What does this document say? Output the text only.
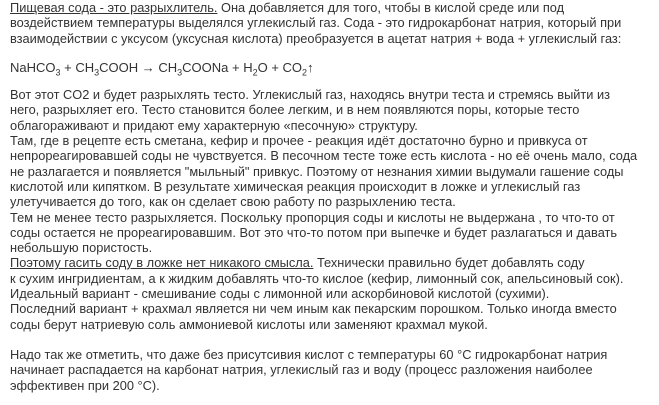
Пищевая сода - это разрыхлитель. Она добавляется для того, чтобы в кислой среде или под

воздействием температуры выделялся углекислый газ. Сода - это гидрокарбонат натрия, который при

взаимодействии с уксусом (уксусная кислота) преобразуется в ацетат натрия + вода + углекислый газ:

NaHCO$_3$ + $CH_3COOH$ → $CH_3COONa + H_2O$ + $CO_2↑$

Вот этот CO2 и будет разрыхлять тесто. Углекислый газ, находясь внутри теста и стремясь выйти из

него, разрыхляет его. Тесто становится более легким, и в нем появляются поры, которые тесто

облагораживают и придают ему характерную «песочную» структуру.

Там, где в рецепте есть сметана, кефир и прочее - реакция идёт достаточно бурно и привкуса от

непрореагировавшей соды не чувствуется. В песочном тесте тоже есть кислота - но её очень мало, сода

не разлагается и появляется "мыльный" привкус. Поэтому от незнания химии выдумали гашение соды

кислотой или кипятком. В результате химическая реакция происходит в ложке и углекислый газ

улетучивается до того, как он сделает свою работу по разрыхлению теста.

Тем не менее тесто разрыхляется. Поскольку пропорция соды и кислоты не выдержана , то что-то от

соды остается не прореагировавшим. Вот это что-то потом при выпечке и будет разлагаться и давать

небольшую пористость.

Поэтому гасить соду в ложке нет никакого смысла. Технически правильно будет добавлять соду

к сухим ингридиентам, а к жидким добавлять что-то кислое (кефир, лимонный сок, апельсиновый сок).

Идеальный вариант - смешивание соды с лимонной или аскорбиновой кислотой (сухими).

Последний вариант + крахмал является ни чем иным как пекарским порошком. Только иногда вместо

соды берут натриевую соль аммониевой кислоты или заменяют крахмал мукой.

Надо так же отметить, что даже без присутсивия кислот с температуры 60 °С гидрокарбонат натрия

начинает распадается на карбонат натрия, углекислый газ и воду (процесс разложения наиболее

эффективен при 200 °С).
